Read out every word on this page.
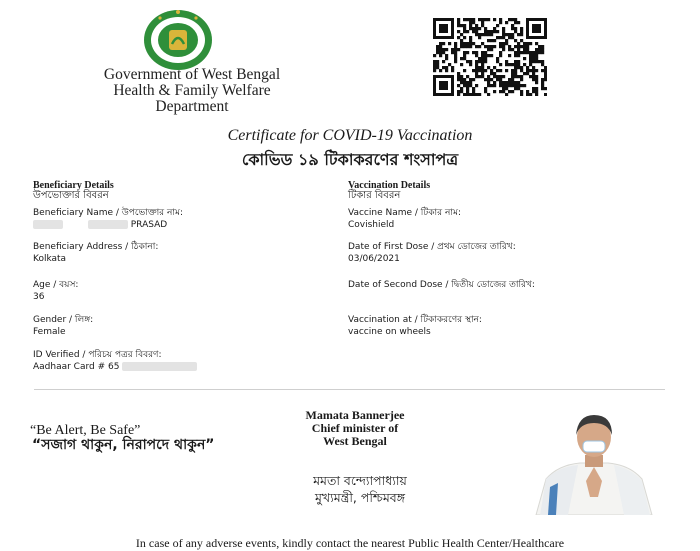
Government of West Bengal
Health & Family Welfare
Department
Certificate for COVID-19 Vaccination
কোভিড ১৯ টিকাকরণের শংসাপত্র
Beneficiary Details
উপভোক্তার বিবরন
Beneficiary Name / উপভোক্তার নাম:
PRASAD
Beneficiary Address / ঠিকানা:
Kolkata
Age / বয়স:
36
Gender / লিঙ্গ:
Female
ID Verified / পরিচয় পত্রর বিবরণ:
Aadhaar Card # 65
Vaccination Details
টিকার বিবরন
Vaccine Name / টিকার নাম:
Covishield
Date of First Dose / প্রথম ডোজের তারিখ:
03/06/2021
Date of Second Dose / দ্বিতীয় ডোজের তারিখ:
Vaccination at / টিকাকরণের স্থান:
vaccine on wheels
“Be Alert, Be Safe”
“সজাগ থাকুন, নিরাপদে থাকুন”
Mamata Bannerjee
Chief minister of
West Bengal
মমতা বন্দ্যোপাধ্যায়
মুখ্যমন্ত্রী, পশ্চিমবঙ্গ
In case of any adverse events, kindly contact the nearest Public Health Center/Healthcare
